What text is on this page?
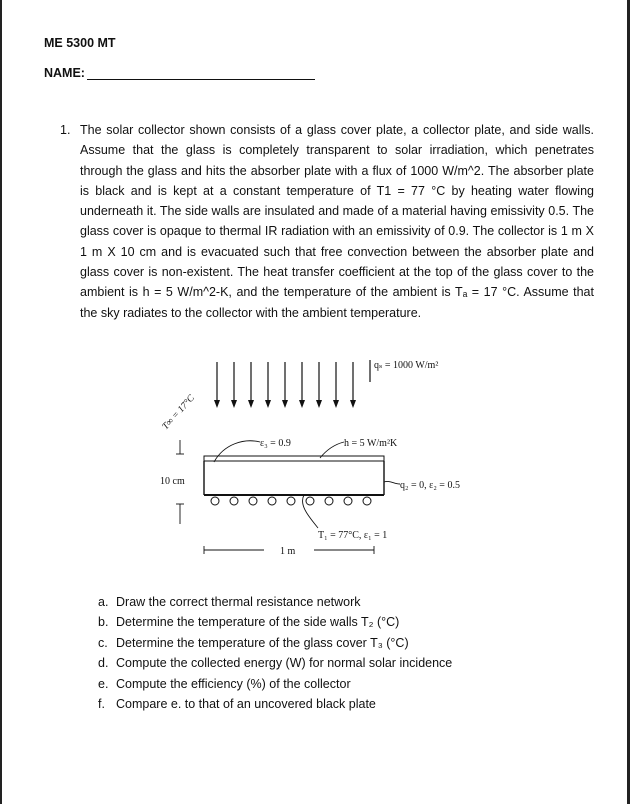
ME 5300 MT
NAME:
1. The solar collector shown consists of a glass cover plate, a collector plate, and side walls. Assume that the glass is completely transparent to solar irradiation, which penetrates through the glass and hits the absorber plate with a flux of 1000 W/m^2. The absorber plate is black and is kept at a constant temperature of T1 = 77 °C by heating water flowing underneath it. The side walls are insulated and made of a material having emissivity 0.5. The glass cover is opaque to thermal IR radiation with an emissivity of 0.9. The collector is 1 m X 1 m X 10 cm and is evacuated such that free convection between the absorber plate and glass cover is non-existent. The heat transfer coefficient at the top of the glass cover to the ambient is h = 5 W/m^2-K, and the temperature of the ambient is Tₐ = 17 °C. Assume that the sky radiates to the collector with the ambient temperature.
qₛ = 1000 W/m²
T∞ = 17°C
ε₃ = 0.9	h = 5 W/m²K
q₂ = 0, ε₂ = 0.5
T₁ = 77°C, ε₁ = 1
10 cm
1 m
a. Draw the correct thermal resistance network
b. Determine the temperature of the side walls T₂ (°C)
c. Determine the temperature of the glass cover T₃ (°C)
d. Compute the collected energy (W) for normal solar incidence
e. Compute the efficiency (%) of the collector
f. Compare e. to that of an uncovered black plate
